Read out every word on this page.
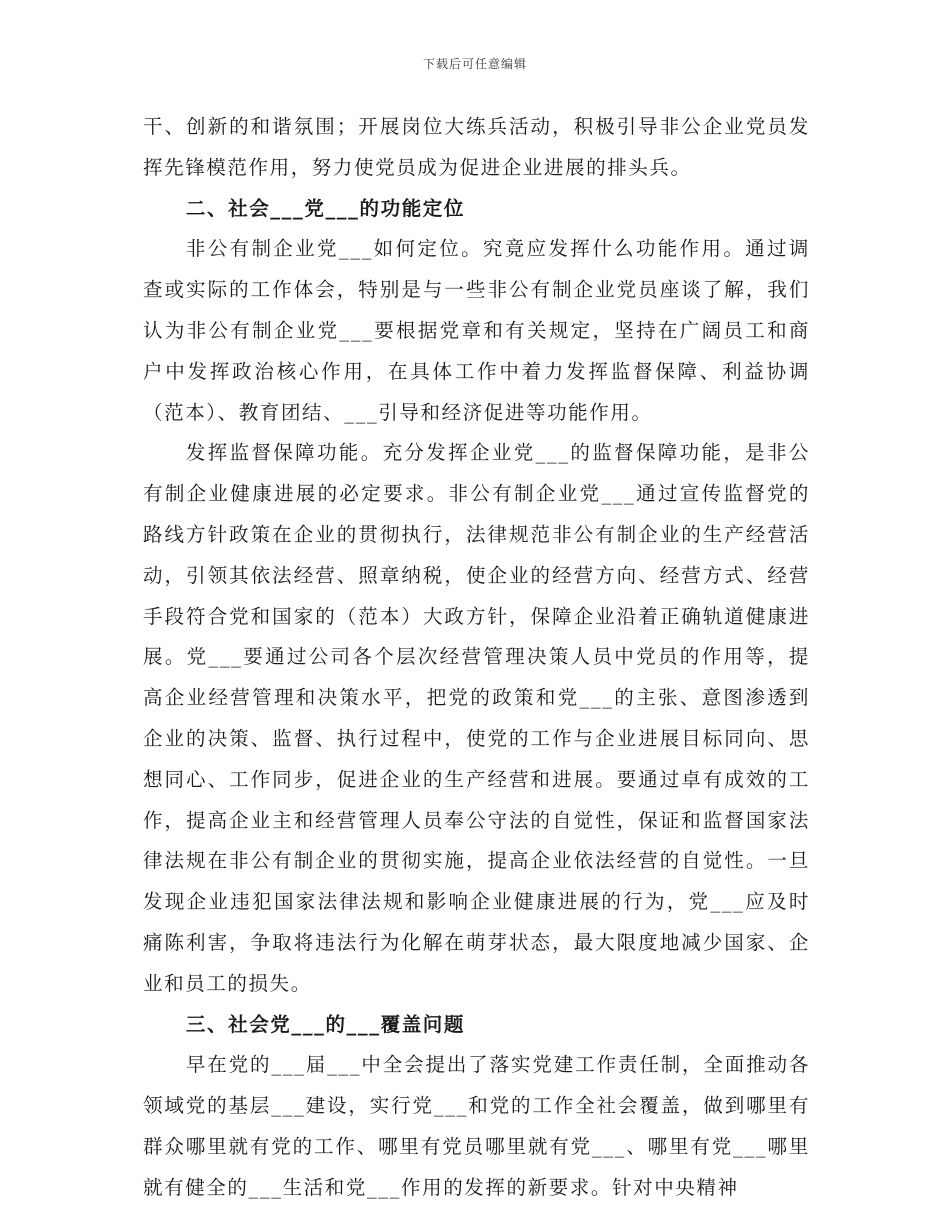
下载后可任意编辑

干、创新的和谐氛围；开展岗位大练兵活动，积极引导非公企业党员发挥先锋模范作用，努力使党员成为促进企业进展的排头兵。

二、社会___党___的功能定位

非公有制企业党___如何定位。究竟应发挥什么功能作用。通过调查或实际的工作体会，特别是与一些非公有制企业党员座谈了解，我们认为非公有制企业党___要根据党章和有关规定，坚持在广阔员工和商户中发挥政治核心作用，在具体工作中着力发挥监督保障、利益协调（范本）、教育团结、___引导和经济促进等功能作用。

发挥监督保障功能。充分发挥企业党___的监督保障功能，是非公有制企业健康进展的必定要求。非公有制企业党___通过宣传监督党的路线方针政策在企业的贯彻执行，法律规范非公有制企业的生产经营活动，引领其依法经营、照章纳税，使企业的经营方向、经营方式、经营手段符合党和国家的（范本）大政方针，保障企业沿着正确轨道健康进展。党___要通过公司各个层次经营管理决策人员中党员的作用等，提高企业经营管理和决策水平，把党的政策和党___的主张、意图渗透到企业的决策、监督、执行过程中，使党的工作与企业进展目标同向、思想同心、工作同步，促进企业的生产经营和进展。要通过卓有成效的工作，提高企业主和经营管理人员奉公守法的自觉性，保证和监督国家法律法规在非公有制企业的贯彻实施，提高企业依法经营的自觉性。一旦发现企业违犯国家法律法规和影响企业健康进展的行为，党___应及时痛陈利害，争取将违法行为化解在萌芽状态，最大限度地减少国家、企业和员工的损失。

三、社会党___的___覆盖问题

早在党的___届___中全会提出了落实党建工作责任制，全面推动各领域党的基层___建设，实行党___和党的工作全社会覆盖，做到哪里有群众哪里就有党的工作、哪里有党员哪里就有党___、哪里有党___哪里就有健全的___生活和党___作用的发挥的新要求。针对中央精神
